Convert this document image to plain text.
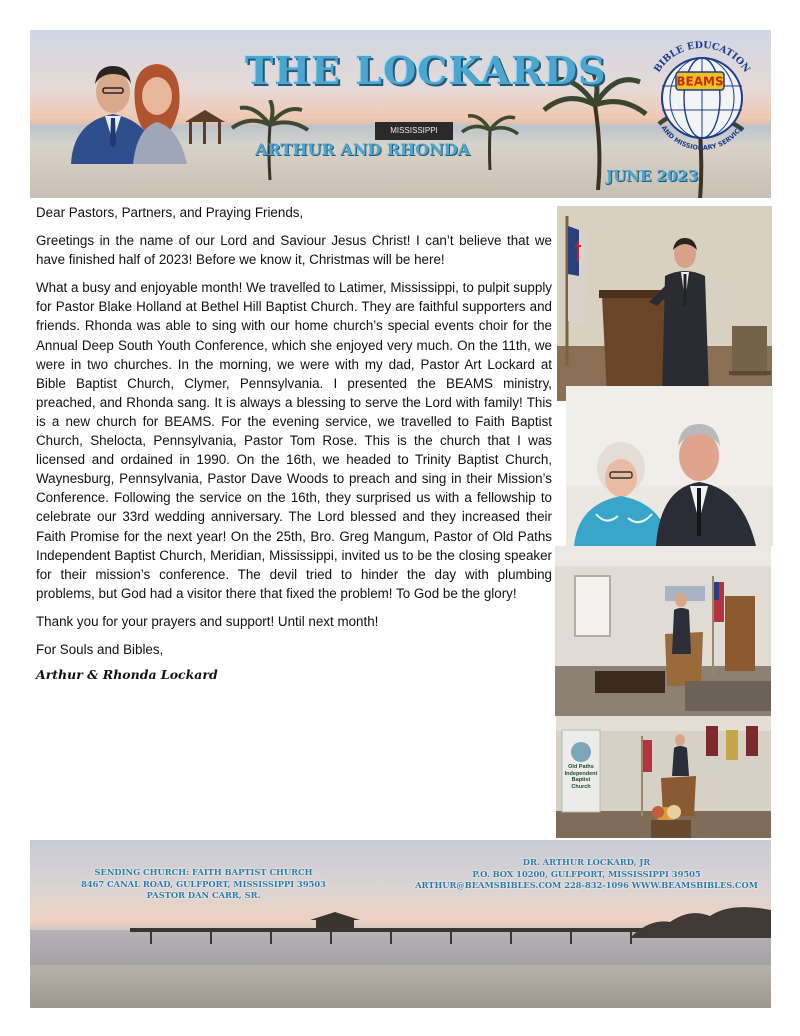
MISSISSIPPI
THE LOCKARDS
ARTHUR AND RHONDA
JUNE 2023
BIBLE EDUCATION
AND MISSIONARY SERVICE
BEAMS

Dear Pastors, Partners, and Praying Friends,

Greetings in the name of our Lord and Saviour Jesus Christ! I can’t believe that we have finished half of 2023! Before we know it, Christmas will be here!

What a busy and enjoyable month! We travelled to Latimer, Mississippi, to pulpit supply for Pastor Blake Holland at Bethel Hill Baptist Church. They are faithful supporters and friends. Rhonda was able to sing with our home church’s special events choir for the Annual Deep South Youth Conference, which she enjoyed very much. On the 11th, we were in two churches. In the morning, we were with my dad, Pastor Art Lockard at Bible Baptist Church, Clymer, Pennsylvania. I presented the BEAMS ministry, preached, and Rhonda sang. It is always a blessing to serve the Lord with family! This is a new church for BEAMS. For the evening service, we travelled to Faith Baptist Church, Shelocta, Pennsylvania, Pastor Tom Rose. This is the church that I was licensed and ordained in 1990. On the 16th, we headed to Trinity Baptist Church, Waynesburg, Pennsylvania, Pastor Dave Woods to preach and sing in their Mission’s Conference. Following the service on the 16th, they surprised us with a fellowship to celebrate our 33rd wedding anniversary. The Lord blessed and they increased their Faith Promise for the next year! On the 25th, Bro. Greg Mangum, Pastor of Old Paths Independent Baptist Church, Meridian, Mississippi, invited us to be the closing speaker for their mission’s conference. The devil tried to hinder the day with plumbing problems, but God had a visitor there that fixed the problem! To God be the glory!

Thank you for your prayers and support! Until next month!

For Souls and Bibles,

Arthur & Rhonda Lockard
Old Paths Independent Baptist Church
SENDING CHURCH: FAITH BAPTIST CHURCH
8467 CANAL ROAD, GULFPORT, MISSISSIPPI 39503
PASTOR DAN CARR, SR.
DR. ARTHUR LOCKARD, JR
P.O. BOX 10200, GULFPORT, MISSISSIPPI 39505
ARTHUR@BEAMSBIBLES.COM 228-832-1096 WWW.BEAMSBIBLES.COM
